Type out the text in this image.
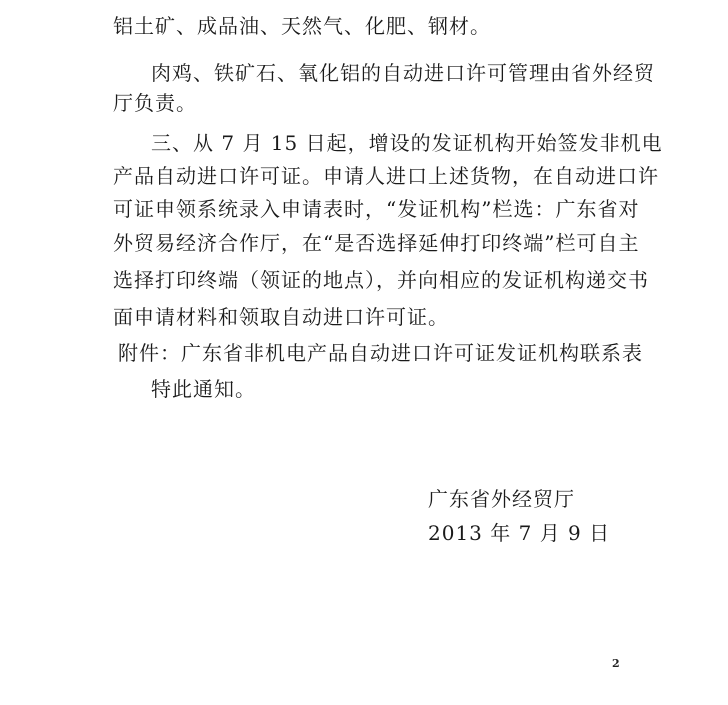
铝土矿、成品油、天然气、化肥、钢材。
肉鸡、铁矿石、氧化铝的自动进口许可管理由省外经贸
厅负责。
三、从 7 月 15 日起，增设的发证机构开始签发非机电
产品自动进口许可证。申请人进口上述货物，在自动进口许
可证申领系统录入申请表时，“发证机构”栏选：广东省对
外贸易经济合作厅，在“是否选择延伸打印终端”栏可自主
选择打印终端（领证的地点），并向相应的发证机构递交书
面申请材料和领取自动进口许可证。
附件：广东省非机电产品自动进口许可证发证机构联系表
特此通知。
广东省外经贸厅
2013 年 7 月 9 日
2
